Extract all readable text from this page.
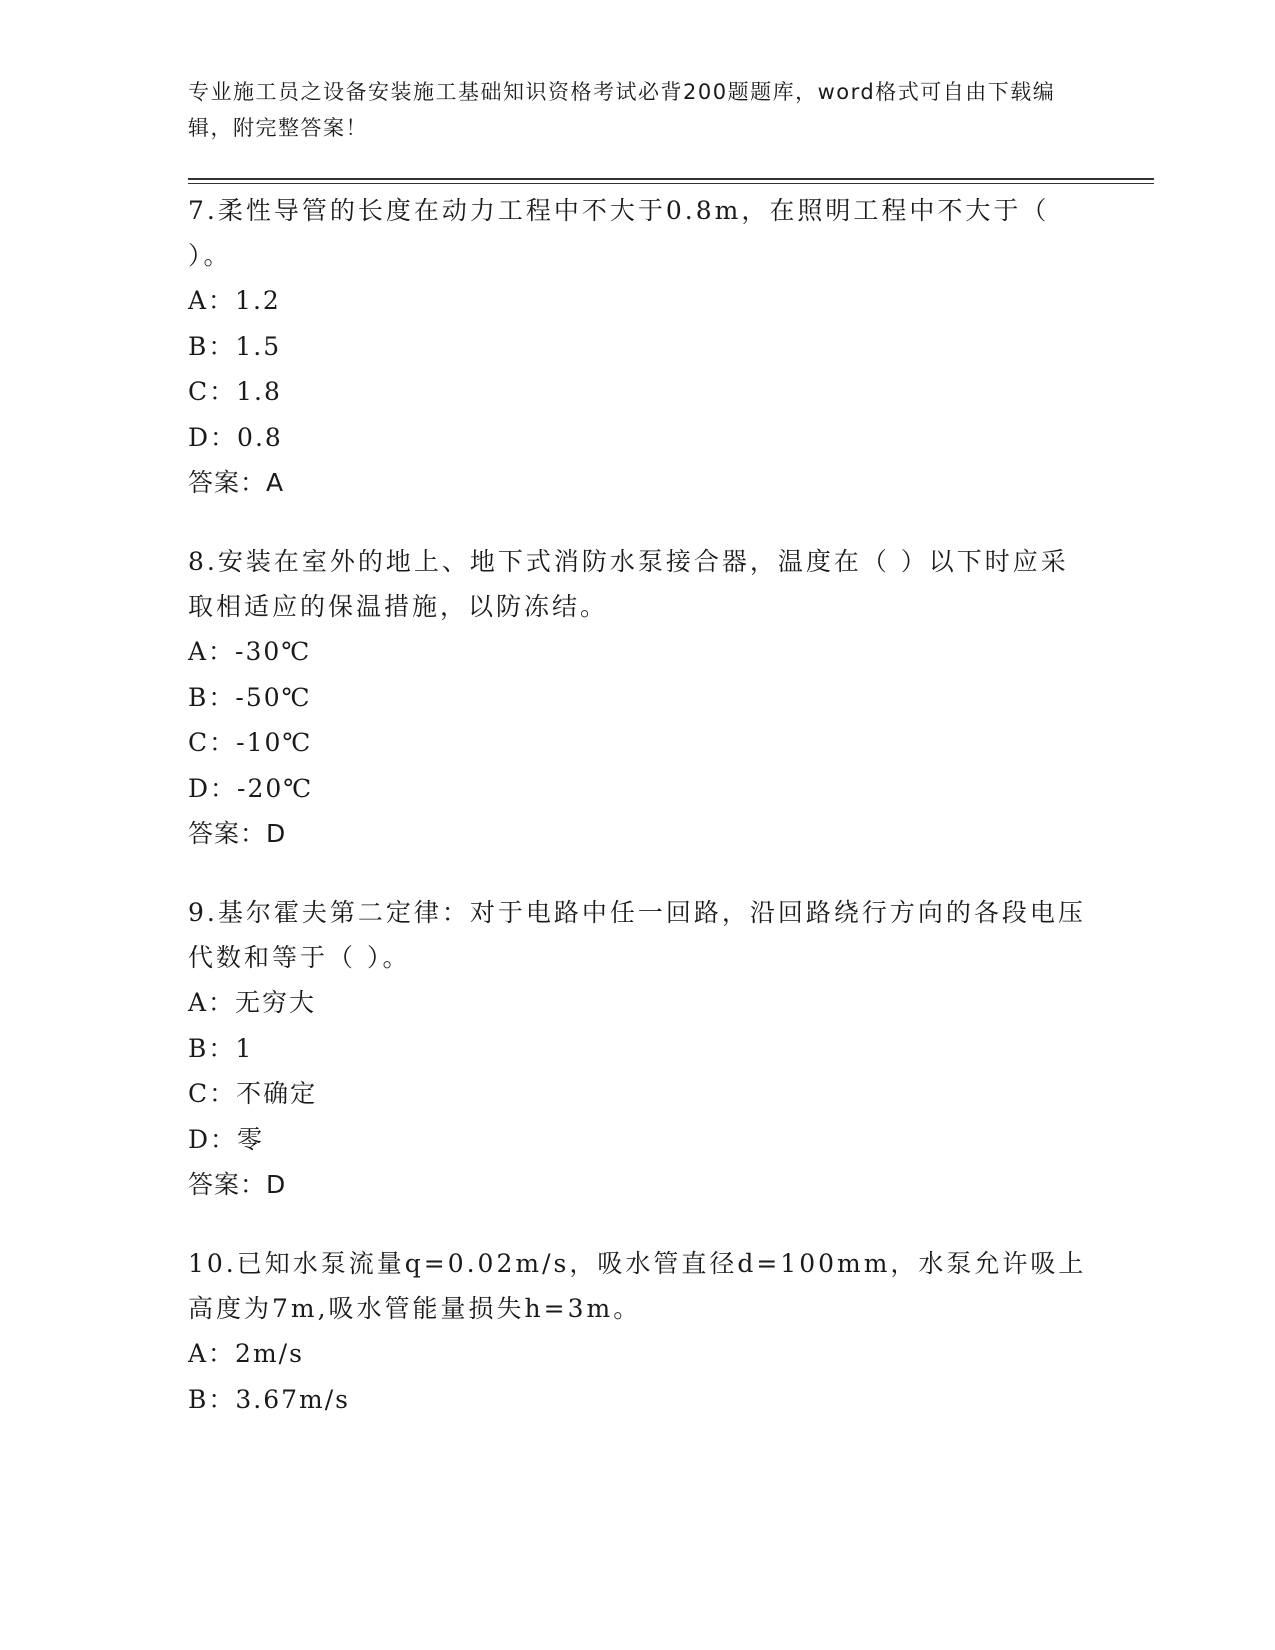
专业施工员之设备安装施工基础知识资格考试必背200题题库，word格式可自由下载编辑，附完整答案！
7.柔性导管的长度在动力工程中不大于0.8m，在照明工程中不大于（ ）。
A：1.2
B：1.5
C：1.8
D：0.8
答案：A
8.安装在室外的地上、地下式消防水泵接合器，温度在（ ）以下时应采取相适应的保温措施，以防冻结。
A：-30℃
B：-50℃
C：-10℃
D：-20℃
答案：D
9.基尔霍夫第二定律：对于电路中任一回路，沿回路绕行方向的各段电压代数和等于（ ）。
A：无穷大
B：1
C：不确定
D：零
答案：D
10.已知水泵流量q=0.02m/s，吸水管直径d=100mm，水泵允许吸上高度为7m,吸水管能量损失h=3m。
A：2m/s
B：3.67m/s
